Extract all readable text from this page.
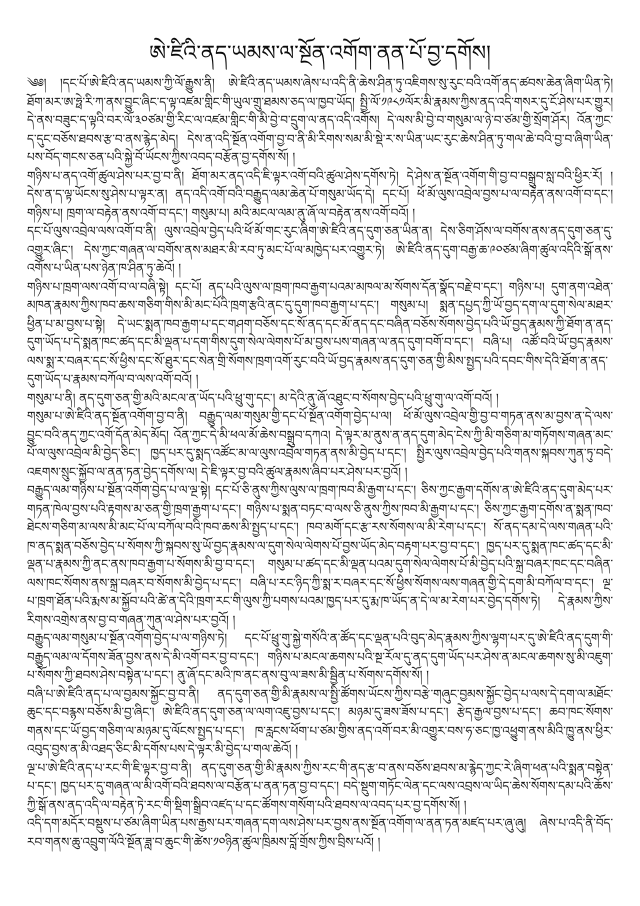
ཨེ་ཛིའི་ནད་ཡམས་ལ་སྔོན་འགོག་ནན་པོ་བྱ་དགོས།

༄༅། །དང་པོ་ཨེ་ཛིའི་ནད་ཡམས་ཀྱི་ལོ་རྒྱུས་ནི། ཨེ་ཛིའི་ནད་ཡམས་ཞེས་པ་འདི་ནི་ཆེས་ཤིན་ཏུ་འཇིགས་སུ་རུང་བའི་འགོ་ནད་ཚབས་ཆེན་ཞིག་ཡིན་ཏེ། ཐོག་མར་ཨ་ཧྥེ་རི་ཀ་ནས་བྱུང་ཞིང་ད་ལྟ་འཛམ་གླིང་གི་ཡུལ་གྲུ་ཐམས་ཅད་ལ་ཁྱབ་ཡོད། སྤྱི་ལོ་༡༩༨༡ལོར་མི་རྣམས་ཀྱིས་ནད་འདི་གསར་དུ་ངོ་ཤེས་པར་གྱུར། དེ་ནས་བཟུང་ད་ལྟའི་བར་ལོ་༣༠ཙམ་གྱི་རིང་ལ་འཛམ་གླིང་གི་མི་བྱེ་བ་དྲུག་ལ་ནད་འདི་འགོས། དེ་ལས་མི་བྱེ་བ་གསུམ་ལ་ཉེ་བ་ཙམ་གྱི་སྲོག་ཤོར། འོན་ཀྱང་ད་དུང་བཅོས་ཐབས་རྩ་བ་ནས་རྙེད་མེད། དེས་ན་འདི་སྔོན་འགོག་བྱ་བ་ནི་མི་རིགས་སམ་མི་སྡེ་ར་ས་ཡིན་ཡང་རུང་ཆེས་ཤིན་ཏུ་གལ་ཆེ་བའི་བྱ་བ་ཞིག་ཡིན་པས་བོད་གངས་ཅན་པའི་སྐྱེ་བོ་ཡོངས་ཀྱིས་འབད་བརྩོན་བྱ་དགོས་སོ། །

གཉིས་པ་ནད་འགོ་ཚུལ་ཤེས་པར་བྱ་བ་ནི། ཐོག་མར་ནད་འདི་ཇི་ལྟར་འགོ་བའི་ཚུལ་ཤེས་དགོས་ཏེ། དེ་ཤེས་ན་སྔོན་འགོག་གི་བྱ་བ་བསྒྲུབ་སླ་བའི་ཕྱིར་རོ། །དེས་ན་ད་ལྟ་ཡོངས་སུ་ཤེས་པ་ལྟར་ན། ནད་འདི་འགོ་བའི་བརྒྱུད་ལམ་ཆེན་པོ་གསུམ་ཡོད་དེ། དང་པོ། ཕོ་མོ་ལུས་འབྲེལ་བྱས་པ་ལ་བརྟེན་ནས་འགོ་བ་དང་། གཉིས་པ། ཁྲག་ལ་བརྟེན་ནས་འགོ་བ་དང་། གསུམ་པ། མའི་མངལ་ལམ་ནུ་ཞོ་ལ་བརྟེན་ནས་འགོ་བའོ། །

དང་པོ་ལུས་འབྲེལ་ལས་འགོ་བ་ནི། ལུས་འབྲེལ་བྱེད་པའི་ཕོ་མོ་གང་རུང་ཞིག་ཨེ་ཛིའི་ནད་དུག་ཅན་ཡིན་ན། དེས་ཅིག་ཤོས་ལ་བགོས་ནས་ནད་དུག་ཅན་དུ་འགྱུར་ཞིང་། དེས་ཀྱང་གཞན་ལ་བགོས་ནས་མཐར་མི་རབ་ཏུ་མང་པོ་ལ་མཁྱེད་པར་འགྱུར་ཏེ། ཨེ་ཛིའི་ནད་དུག་བརྒྱ་ཆ་༩༠ཙམ་ཞིག་ཚུལ་འདིའི་སྒོ་ནས་འགོས་པ་ཡིན་པས་ཉེན་ཁ་ཤིན་ཏུ་ཆེའོ། །

གཉིས་པ་ཁྲག་ལས་འགོ་བ་ལ་བཞི་སྟེ། དང་པོ། ནད་པའི་ལུས་ལ་ཁྲག་ཁབ་རྒྱག་པའམ་མཁལ་མ་སོགས་དོན་སྣོད་བརྗེ་བ་དང་། གཉིས་པ། དུག་ནག་འཐེན་མཁན་རྣམས་ཀྱིས་ཁབ་ཆས་གཅིག་གིས་མི་མང་པོའི་ཁྲག་རྩའི་ནང་དུ་དུག་ཁབ་རྒྱག་པ་དང་། གསུམ་པ། སྨན་དཔྱད་ཀྱི་ཡོ་བྱད་དག་ལ་དུག་སེལ་མཐར་ཕྱིན་པ་མ་བྱས་པ་སྟེ། དེ་ཡང་སྨན་ཁབ་རྒྱག་པ་དང་གཤག་བཅོས་དང་སོ་ནད་དང་མོ་ནད་དང་བཞིན་བཅོས་སོགས་བྱེད་པའི་ཡོ་བྱད་རྣམས་ཀྱི་ཐོག་ན་ནད་དུག་ཡོད་པ་དེ་སྨན་ཁང་ཚད་དང་མི་ལྡན་པ་དག་གིས་དུག་སེལ་ལེགས་པོ་མ་བྱས་པས་གཞན་ལ་ནད་དུག་བགོ་བ་དང་། བཞི་པ། འཚོ་བའི་ཡོ་བྱད་རྣམས་ལས་སྨ་ར་བཞར་དང་སོ་ཕྱིས་དང་སོ་ཐུར་དང་སེན་གྲི་སོགས་ཁྲག་འགོ་རུང་བའི་ཡོ་བྱད་རྣམས་ནད་དུག་ཅན་གྱི་མིས་སྤྱད་པའི་དབང་གིས་དེའི་ཐོག་ན་ནད་དུག་ཡོད་པ་རྣམས་བཀོལ་བ་ལས་འགོ་བའོ། །

གསུམ་པ་ནི། ནད་དུག་ཅན་གྱི་མའི་མངལ་ན་ཡོད་པའི་ཕྲུ་གུ་དང་། མ་དེའི་ནུ་ཞོ་འཐུང་བ་སོགས་བྱེད་པའི་ཕྲུ་གུ་ལ་འགོ་བའོ། །

གསུམ་པ་ཨེ་ཛིའི་ནད་སྔོན་འགོག་བྱ་བ་ནི། བརྒྱུད་ལམ་གསུམ་གྱི་དང་པོ་སྔོན་འགོག་བྱེད་པ་ལ། ཕོ་མོ་ལུས་འབྲེལ་གྱི་བྱ་བ་གཏན་ནས་མ་བྱས་ན་དེ་ལས་བྱུང་བའི་ནད་ཀྱང་འགོ་དོན་མེད་མོད། འོན་ཀྱང་དེ་མི་ཕལ་མོ་ཆེས་བསྒྲུབ་དཀའ། དེ་ལྟར་མ་ནུས་ན་ནད་དུག་མེད་ངེས་ཀྱི་མི་གཅིག་མ་གཏོགས་གཞན་མང་པོ་ལ་ལུས་འབྲེལ་མི་བྱེད་ཅིང་། ཁྱད་པར་དུ་སྨད་འཚོང་མ་ལ་ལུས་འབྲེལ་གཏན་ནས་མི་བྱེད་པ་དང་། སྤྱིར་ལུས་འབྲེལ་བྱེད་པའི་གནས་སྐབས་ཀུན་ཏུ་བདེ་འཇགས་སྲུང་སྐྱོབ་ལ་ནན་ཏན་བྱེད་དགོས་ལ། དེ་ཇི་ལྟར་བྱ་བའི་ཚུལ་རྣམས་ཞིབ་པར་ཤེས་པར་བྱའོ། །

བརྒྱུད་ལམ་གཉིས་པ་སྔོན་འགོག་བྱེད་པ་ལ་ལྔ་སྟེ། དང་པོ་ཅི་ནུས་ཀྱིས་ལུས་ལ་ཁྲག་ཁབ་མི་རྒྱག་པ་དང་། ཅིས་ཀྱང་རྒྱག་དགོས་ན་ཨེ་ཛིའི་ནད་དུག་མེད་པར་གཏན་ཁེལ་བྱས་པའི་རྟགས་མ་ཅན་གྱི་ཁྲག་རྒྱག་པ་དང་། གཉིས་པ་སྨན་བཏང་བ་ལས་ཅི་ནུས་ཀྱིས་ཁབ་མི་རྒྱག་པ་དང་། ཅིས་ཀྱང་རྒྱག་དགོས་ན་སྨན་ཁབ་ཐེངས་གཅིག་མ་ལས་མི་མང་པོ་ལ་བཀོལ་བའི་ཁབ་ཆས་མི་སྤྱད་པ་དང་། ཁབ་མགོ་དང་རྩ་རས་སོགས་ལ་མི་རེག་པ་དང་། སོ་ནད་དམ་དེ་ལས་གཞན་པའི་ཁ་ནད་སྨན་བཅོས་བྱེད་པ་སོགས་ཀྱི་སྐབས་སུ་ཡོ་བྱད་རྣམས་ལ་དུག་སེལ་ལེགས་པོ་བྱས་ཡོད་མེད་བརྟག་པར་བྱ་བ་དང་། ཁྱད་པར་དུ་སྨན་ཁང་ཚད་དང་མི་ལྡན་པ་རྣམས་ཀྱི་ནང་ནས་ཁབ་རྒྱག་པ་སོགས་མི་བྱ་བ་དང་། གསུམ་པ་ཚད་དང་མི་ལྡན་པའམ་དུག་སེལ་ལེགས་པོ་མི་བྱེད་པའི་སྐྲ་བཞར་ཁང་དང་བཞིན་ལས་ཁང་སོགས་ནས་སྐྲ་བཞར་བ་སོགས་མི་བྱེད་པ་དང་། བཞི་པ་རང་ཉིད་ཀྱི་སྨ་ར་བཞར་དང་སོ་ཕྱིས་སོགས་ལས་གཞན་གྱི་དེ་དག་མི་བཀོལ་བ་དང་། ལྔ་པ་ཁྲག་ཐོན་པའི་རྨས་མ་སྐྱོབ་པའི་ཚེ་ན་དེའི་ཁྲག་རང་གི་ལུས་ཀྱི་པགས་པའམ་ཁྱད་པར་དུ་རྨ་ཁ་ཡོད་ན་དེ་ལ་མ་རེག་པར་བྱེད་དགོས་ཏེ། དེ་རྣམས་ཀྱིས་རིགས་འགྲེས་ནས་བྱ་བ་གཞན་ཀུན་ལ་ཤེས་པར་བྱའོ། །

བརྒྱུད་ལམ་གསུམ་པ་སྔོན་འགོག་བྱེད་པ་ལ་གཉིས་ཏེ། དང་པོ་ཕྲུ་གུ་སྐྱེ་གསོའི་ན་ཚོད་དང་ལྡན་པའི་བུད་མེད་རྣམས་ཀྱིས་ལྷག་པར་དུ་ཨེ་ཛིའི་ནད་དུག་གི་བརྒྱུད་ལམ་ལ་དོགས་ཟོན་བྱས་ནས་དེ་མི་འགོ་བར་བྱ་བ་དང་། གཉིས་པ་མངལ་ཆགས་པའི་སྔ་རོལ་དུ་ནད་དུག་ཡོད་པར་ཤེས་ན་མངལ་ཆགས་སུ་མི་འཇུག་པ་སོགས་ཀྱི་ཐབས་ཤེས་བསྟེན་པ་དང་། ནུ་ཞོ་དང་མའི་ཁ་ནང་ནས་བུ་ལ་ཟས་མི་སྦྱིན་པ་སོགས་དགོས་སོ། །

བཞི་པ་ཨེ་ཛིའི་ནད་པ་ལ་བྱམས་སྐྱོང་བྱ་བ་ནི། ནད་དུག་ཅན་གྱི་མི་རྣམས་ལ་སྤྱི་ཚོགས་ཡོངས་ཀྱིས་བརྩེ་གཞུང་བྱམས་སྐྱོང་བྱེད་པ་ལས་དེ་དག་ལ་མཐོང་ཆུང་དང་བརྙས་བཅོས་མི་བྱ་ཞིང་། ཨེ་ཛིའི་ནད་དུག་ཅན་ལ་ལག་འཇུ་བྱས་པ་དང་། མཉམ་དུ་ཟས་ཟོས་པ་དང་། རྩེད་རྒྱལ་བྱས་པ་དང་། ཆབ་ཁང་སོགས་གནས་དང་ཡོ་བྱད་གཅིག་ལ་མཉམ་དུ་ལོངས་སྤྱད་པ་དང་། ཁ་རླངས་ཕོག་པ་ཙམ་གྱིས་ནད་འགོ་བར་མི་འགྱུར་བས་ཧ་ཅང་ཁྱ་འཕྱུག་ནས་མིའི་ཁྱུ་ནས་ཕྱིར་འབུད་བྱས་ན་མི་འཐད་ཅིང་མི་དགོས་པས་དེ་ལྟར་མི་བྱེད་པ་གལ་ཆེའོ། །

ལྔ་པ་ཨེ་ཛིའི་ནད་པ་རང་གི་ཇི་ལྟར་བྱ་བ་ནི། ནད་དུག་ཅན་གྱི་མི་རྣམས་ཀྱིས་རང་གི་ནད་རྩ་བ་ནས་བཅོས་ཐབས་མ་རྙེད་ཀྱང་རེ་ཞིག་ཕན་པའི་སྨན་བསྟེན་པ་དང་། ཁྱད་པར་དུ་གཞན་ལ་མི་འགོ་བའི་ཐབས་ལ་བརྩོན་པ་ནན་ཏན་བྱ་བ་དང་། བདེ་སྡུག་གཏོང་ལེན་དང་ལས་འབྲས་ལ་ཡིད་ཆེས་སོགས་དམ་པའི་ཆོས་ཀྱི་སྒོ་ནས་ནད་འདི་ལ་བརྟེན་ཏེ་རང་གི་སྡིག་སྒྲིབ་འཛད་པ་དང་ཚོགས་གསོག་པའི་ཐབས་ལ་འབད་པར་བྱ་དགོས་སོ། །

འདི་དག་མདོར་བསྡུས་པ་ཙམ་ཞིག་ཡིན་པས་རྒྱས་པར་གཞན་དག་ལས་ཤེས་པར་བྱས་ནས་སྔོན་འགོག་ལ་ནན་ཏན་མཛད་པར་ཞུ་ཞུ། ཞེས་པ་འདི་ནི་བོད་རབ་གནས་ཆུ་འབྲུག་ལོའི་སྔོན་ཟླ་བ་ཆུང་གི་ཚེས་༡༠ཉིན་ཚུལ་ཁྲིམས་བློ་གྲོས་ཀྱིས་བྲིས་པའོ། །
